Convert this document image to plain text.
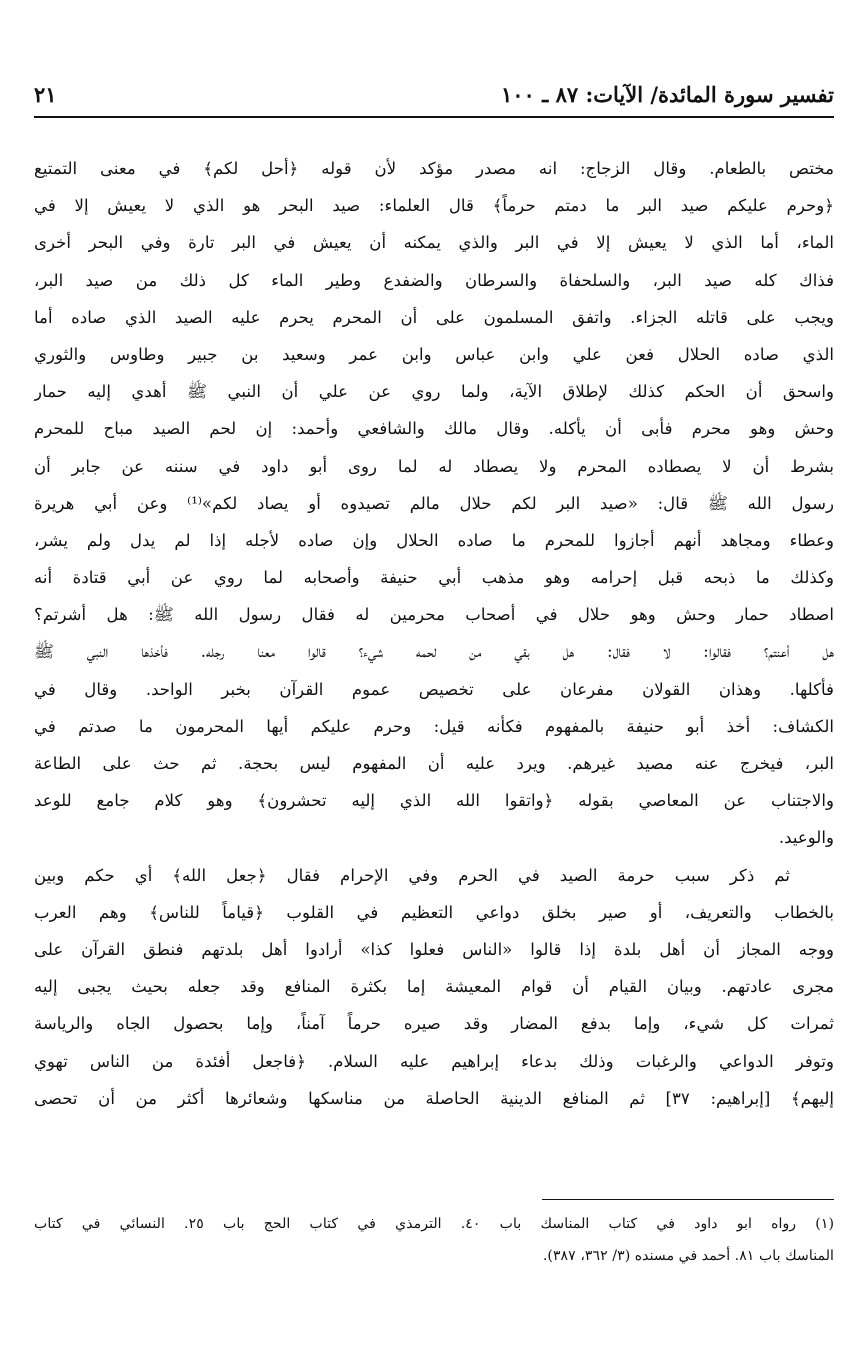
تفسير سورة المائدة/ الآيات: ٨٧ ـ ١٠٠
٢١
مختص بالطعام. وقال الزجاج: انه مصدر مؤكد لأن قوله ﴿أحل لكم﴾ في معنى التمتيع
﴿وحرم عليكم صيد البر ما دمتم حرماً﴾ قال العلماء: صيد البحر هو الذي لا يعيش إلا في
الماء، أما الذي لا يعيش إلا في البر والذي يمكنه أن يعيش في البر تارة وفي البحر أخرى
فذاك كله صيد البر، والسلحفاة والسرطان والضفدع وطير الماء كل ذلك من صيد البر،
ويجب على قاتله الجزاء. واتفق المسلمون على أن المحرم يحرم عليه الصيد الذي صاده أما
الذي صاده الحلال فعن علي وابن عباس وابن عمر وسعيد بن جبير وطاوس والثوري
واسحق أن الحكم كذلك لإطلاق الآية، ولما روي عن علي أن النبي ﷺ أهدي إليه حمار
وحش وهو محرم فأبى أن يأكله. وقال مالك والشافعي وأحمد: إن لحم الصيد مباح للمحرم
بشرط أن لا يصطاده المحرم ولا يصطاد له لما روى أبو داود في سننه عن جابر أن
رسول الله ﷺ قال: «صيد البر لكم حلال مالم تصيدوه أو يصاد لكم»⁽¹⁾ وعن أبي هريرة
وعطاء ومجاهد أنهم أجازوا للمحرم ما صاده الحلال وإن صاده لأجله إذا لم يدل ولم يشر،
وكذلك ما ذبحه قبل إحرامه وهو مذهب أبي حنيفة وأصحابه لما روي عن أبي قتادة أنه
اصطاد حمار وحش وهو حلال في أصحاب محرمين له فقال رسول الله ﷺ: هل أشرتم؟
هل أعنتم؟ فقالوا: لا فقال: هل بقي من لحمه شيء؟ قالوا معنا رجله. فأخذها النبي ﷺ
فأكلها. وهذان القولان مفرعان على تخصيص عموم القرآن بخبر الواحد. وقال في
الكشاف: أخذ أبو حنيفة بالمفهوم فكأنه قيل: وحرم عليكم أيها المحرمون ما صدتم في
البر، فيخرج عنه مصيد غيرهم. ويرد عليه أن المفهوم ليس بحجة. ثم حث على الطاعة
والاجتناب عن المعاصي بقوله ﴿واتقوا الله الذي إليه تحشرون﴾ وهو كلام جامع للوعد
والوعيد.
ثم ذكر سبب حرمة الصيد في الحرم وفي الإحرام فقال ﴿جعل الله﴾ أي حكم وبين
بالخطاب والتعريف، أو صير بخلق دواعي التعظيم في القلوب ﴿قياماً للناس﴾ وهم العرب
ووجه المجاز أن أهل بلدة إذا قالوا «الناس فعلوا كذا» أرادوا أهل بلدتهم فنطق القرآن على
مجرى عادتهم. وبيان القيام أن قوام المعيشة إما بكثرة المنافع وقد جعله بحيث يجبى إليه
ثمرات كل شيء، وإما بدفع المضار وقد صيره حرماً آمناً، وإما بحصول الجاه والرياسة
وتوفر الدواعي والرغبات وذلك بدعاء إبراهيم عليه السلام. ﴿فاجعل أفئدة من الناس تهوي
إليهم﴾ [إبراهيم: ٣٧] ثم المنافع الدينية الحاصلة من مناسكها وشعائرها أكثر من أن تحصى
(١) رواه ابو داود في كتاب المناسك باب ٤٠. الترمذي في كتاب الحج باب ٢٥. النسائي في كتاب
المناسك باب ٨١. أحمد في مسنده (٣/ ٣٦٢، ٣٨٧).
